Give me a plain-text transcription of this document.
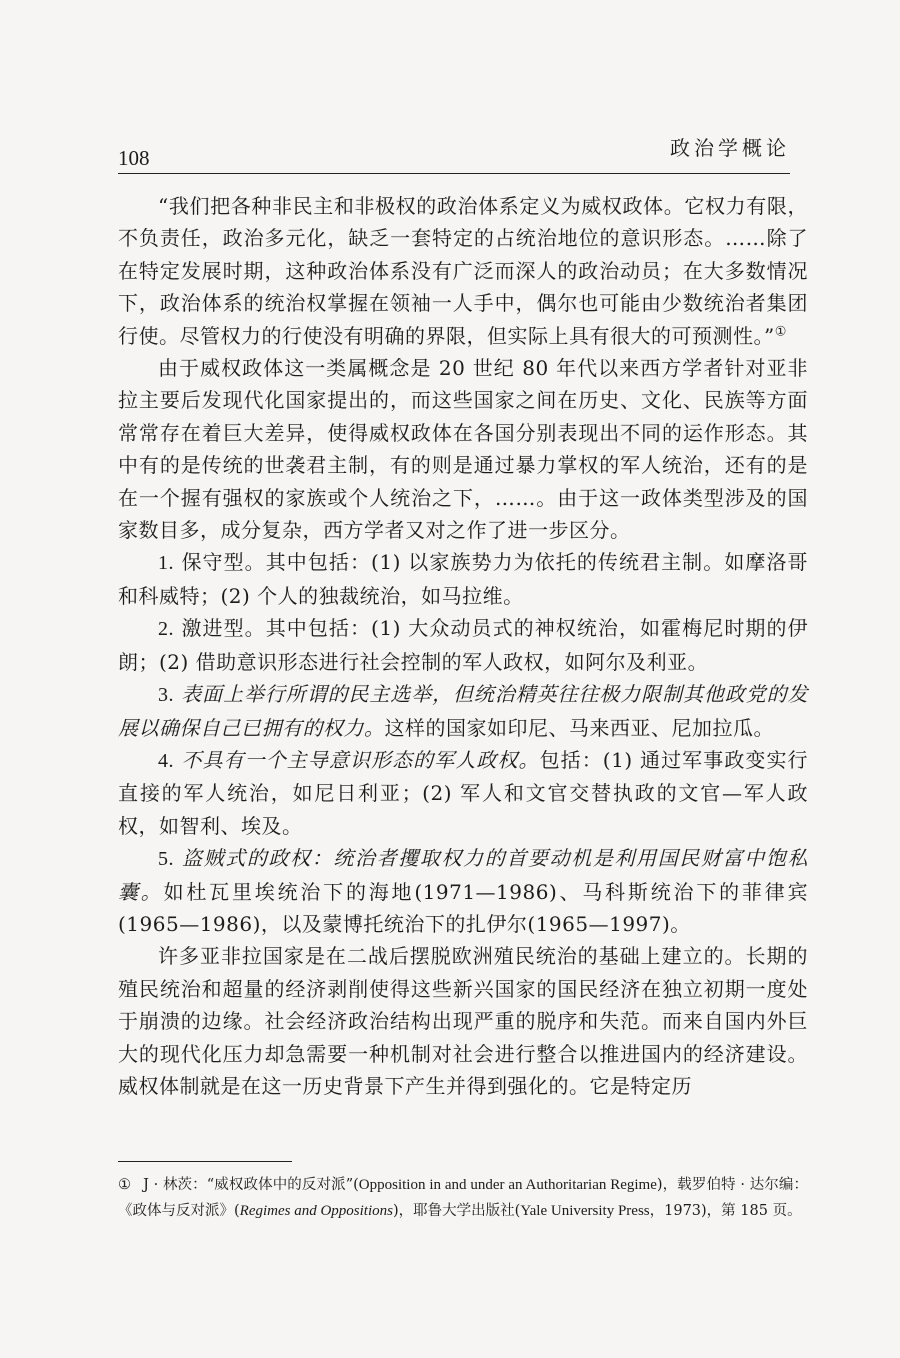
108	政治学概论

“我们把各种非民主和非极权的政治体系定义为威权政体。它权力有限，不负责任，政治多元化，缺乏一套特定的占统治地位的意识形态。……除了在特定发展时期，这种政治体系没有广泛而深人的政治动员；在大多数情况下，政治体系的统治权掌握在领袖一人手中，偶尔也可能由少数统治者集团行使。尽管权力的行使没有明确的界限，但实际上具有很大的可预测性。”①

由于威权政体这一类属概念是 20 世纪 80 年代以来西方学者针对亚非拉主要后发现代化国家提出的，而这些国家之间在历史、文化、民族等方面常常存在着巨大差异，使得威权政体在各国分别表现出不同的运作形态。其中有的是传统的世袭君主制，有的则是通过暴力掌权的军人统治，还有的是在一个握有强权的家族或个人统治之下，……。由于这一政体类型涉及的国家数目多，成分复杂，西方学者又对之作了进一步区分。

1. 保守型。其中包括：(1) 以家族势力为依托的传统君主制。如摩洛哥和科威特；(2) 个人的独裁统治，如马拉维。

2. 激进型。其中包括：(1) 大众动员式的神权统治，如霍梅尼时期的伊朗；(2) 借助意识形态进行社会控制的军人政权，如阿尔及利亚。

3. 表面上举行所谓的民主选举，但统治精英往往极力限制其他政党的发展以确保自己已拥有的权力。这样的国家如印尼、马来西亚、尼加拉瓜。

4. 不具有一个主导意识形态的军人政权。包括：(1) 通过军事政变实行直接的军人统治，如尼日利亚；(2) 军人和文官交替执政的文官—军人政权，如智利、埃及。

5. 盗贼式的政权：统治者攫取权力的首要动机是利用国民财富中饱私囊。如杜瓦里埃统治下的海地(1971—1986)、马科斯统治下的菲律宾(1965—1986)，以及蒙博托统治下的扎伊尔(1965—1997)。

许多亚非拉国家是在二战后摆脱欧洲殖民统治的基础上建立的。长期的殖民统治和超量的经济剥削使得这些新兴国家的国民经济在独立初期一度处于崩溃的边缘。社会经济政治结构出现严重的脱序和失范。而来自国内外巨大的现代化压力却急需要一种机制对社会进行整合以推进国内的经济建设。威权体制就是在这一历史背景下产生并得到强化的。它是特定历

① J · 林茨：“威权政体中的反对派”(Opposition in and under an Authoritarian Regime)，载罗伯特 · 达尔编：《政体与反对派》(Regimes and Oppositions)，耶鲁大学出版社(Yale University Press，1973)，第 185 页。
